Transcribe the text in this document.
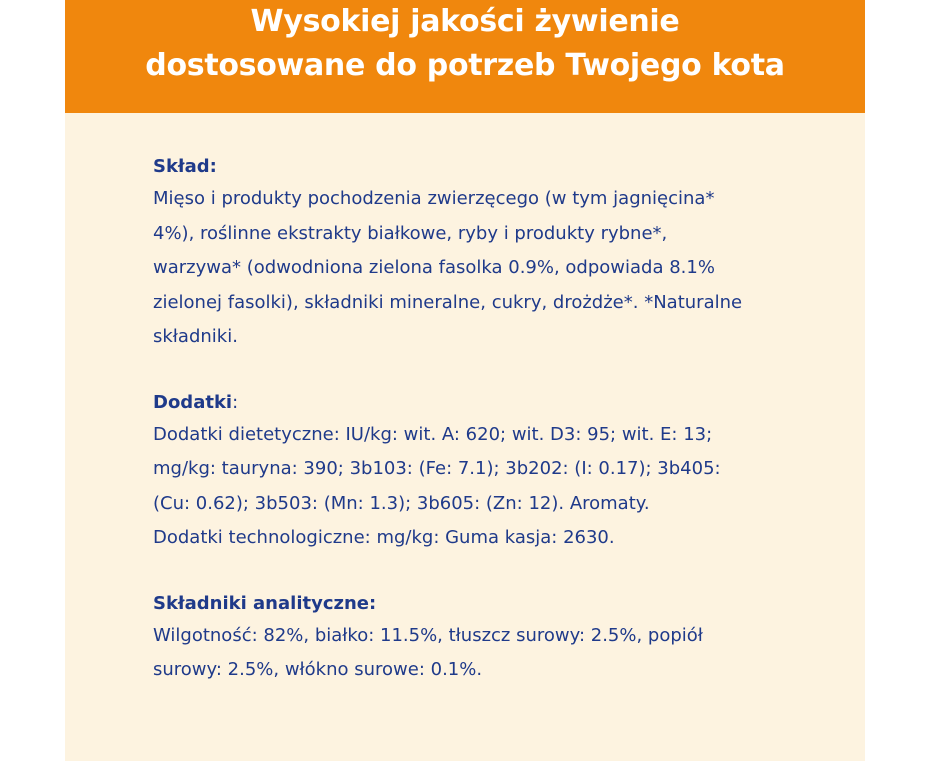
Wysokiej jakości żywienie
dostosowane do potrzeb Twojego kota

Skład:

Mięso i produkty pochodzenia zwierzęcego (w tym jagnięcina*
4%), roślinne ekstrakty białkowe, ryby i produkty rybne*,
warzywa* (odwodniona zielona fasolka 0.9%, odpowiada 8.1%
zielonej fasolki), składniki mineralne, cukry, drożdże*. *Naturalne
składniki.

Dodatki:

Dodatki dietetyczne: IU/kg: wit. A: 620; wit. D3: 95; wit. E: 13;
mg/kg: tauryna: 390; 3b103: (Fe: 7.1); 3b202: (I: 0.17); 3b405:
(Cu: 0.62); 3b503: (Mn: 1.3); 3b605: (Zn: 12). Aromaty.
Dodatki technologiczne: mg/kg: Guma kasja: 2630.

Składniki analityczne:

Wilgotność: 82%, białko: 11.5%, tłuszcz surowy: 2.5%, popiół
surowy: 2.5%, włókno surowe: 0.1%.
